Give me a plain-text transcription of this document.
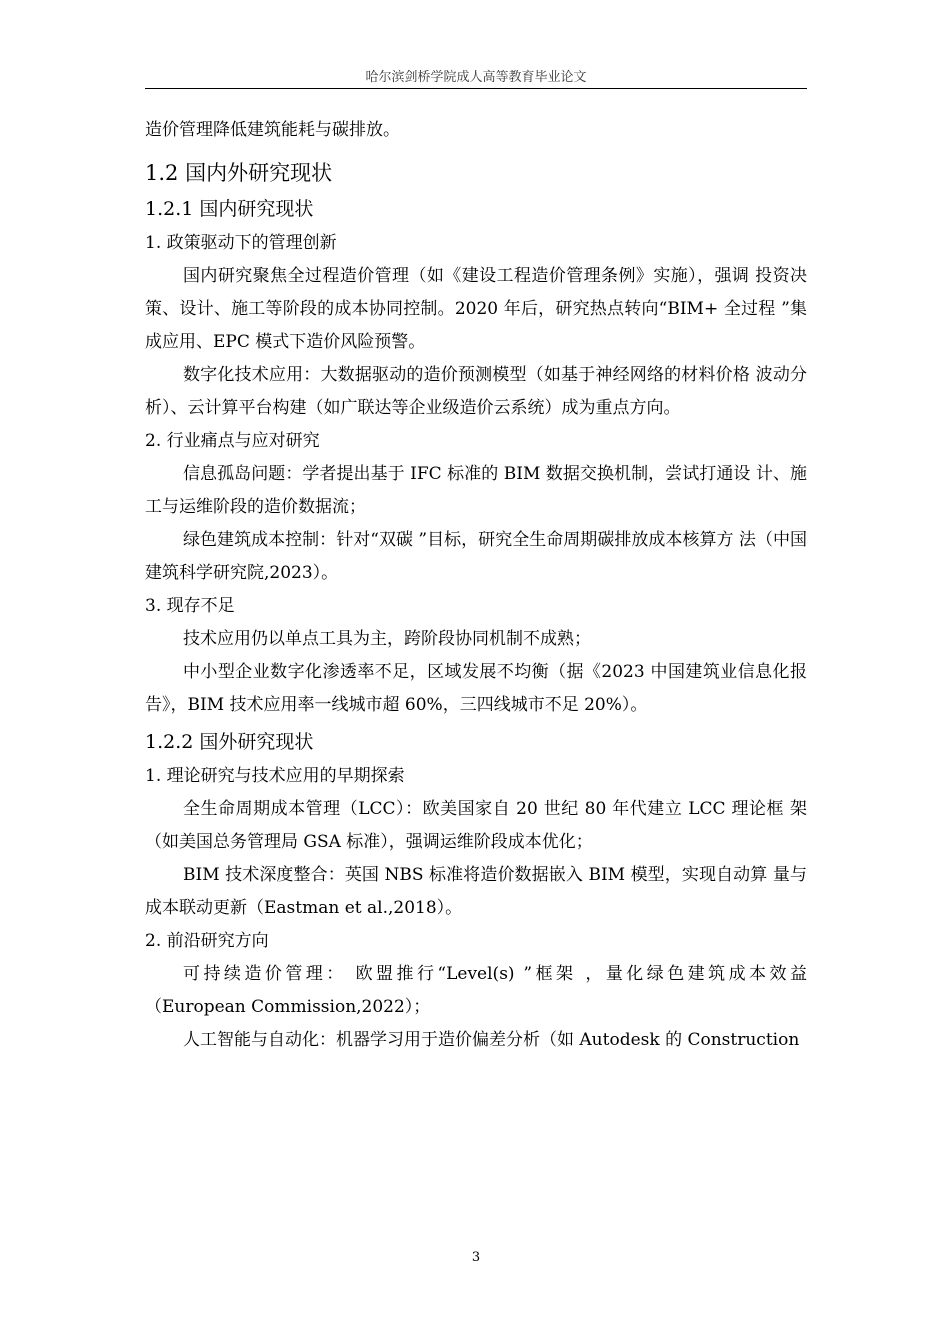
哈尔滨剑桥学院成人高等教育毕业论文
造价管理降低建筑能耗与碳排放。
1.2 国内外研究现状
1.2.1 国内研究现状
1. 政策驱动下的管理创新
国内研究聚焦全过程造价管理（如《建设工程造价管理条例》实施），强调 投资决策、设计、施工等阶段的成本协同控制。2020 年后，研究热点转向“BIM+ 全过程 ”集成应用、EPC 模式下造价风险预警。
数字化技术应用：大数据驱动的造价预测模型（如基于神经网络的材料价格 波动分析）、云计算平台构建（如广联达等企业级造价云系统）成为重点方向。
2. 行业痛点与应对研究
信息孤岛问题：学者提出基于 IFC 标准的 BIM 数据交换机制，尝试打通设 计、施工与运维阶段的造价数据流；
绿色建筑成本控制：针对“双碳 ”目标，研究全生命周期碳排放成本核算方 法（中国建筑科学研究院,2023）。
3. 现存不足
技术应用仍以单点工具为主，跨阶段协同机制不成熟；
中小型企业数字化渗透率不足，区域发展不均衡（据《2023 中国建筑业信息化报告》，BIM 技术应用率一线城市超 60%，三四线城市不足 20%）。
1.2.2 国外研究现状
1. 理论研究与技术应用的早期探索
全生命周期成本管理（LCC）：欧美国家自 20 世纪 80 年代建立 LCC 理论框 架（如美国总务管理局 GSA 标准），强调运维阶段成本优化；
BIM 技术深度整合：英国 NBS 标准将造价数据嵌入 BIM 模型，实现自动算 量与成本联动更新（Eastman et al.,2018）。
2. 前沿研究方向
可持续造价管理： 欧盟推行“Level(s) ”框架 ，量化绿色建筑成本效益 （European Commission,2022）；
人工智能与自动化：机器学习用于造价偏差分析（如 Autodesk 的 Construction
3
